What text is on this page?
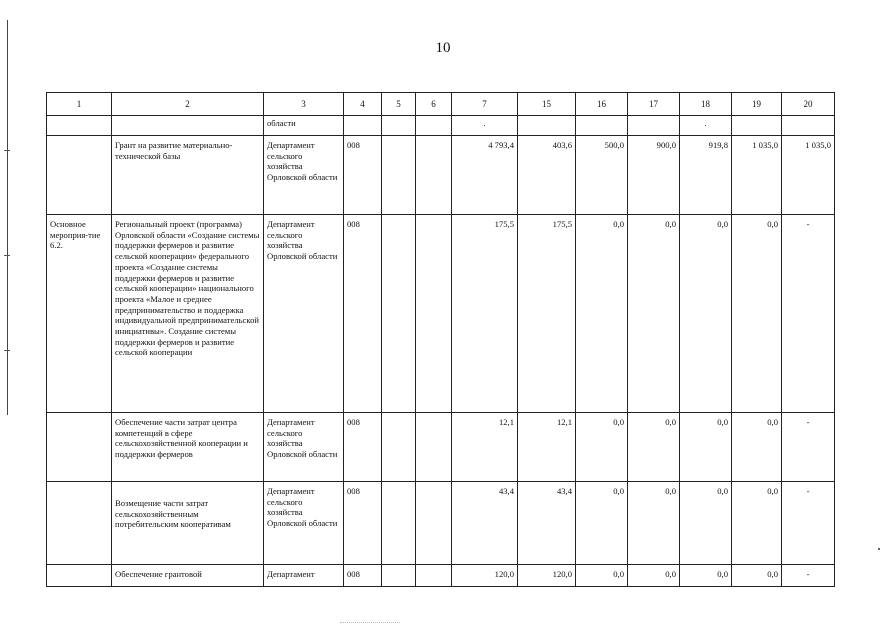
10
1	2	3	4	5	6	7	15	16	17	18	19	20
		области				.				.		
	Грант на развитие материально-технической базы	Департамент сельского хозяйства Орловской области	008			4 793,4	403,6	500,0	900,0	919,8	1 035,0	1 035,0
Основное мероприя-тие 6.2.	Региональный проект (программа) Орловской области «Создание системы поддержки фермеров и развитие сельской кооперации» федерального проекта «Создание системы поддержки фермеров и развитие сельской кооперации» национального проекта «Малое и среднее предпринимательство и поддержка индивидуальной предпринимательской инициативы». Создание системы поддержки фермеров и развитие сельской кооперации	Департамент сельского хозяйства Орловской области	008			175,5	175,5	0,0	0,0	0,0	0,0	-
	Обеспечение части затрат центра компетенций в сфере сельскохозяйственной кооперации и поддержки фермеров	Департамент сельского хозяйства Орловской области	008			12,1	12,1	0,0	0,0	0,0	0,0	-
	Возмещение части затрат сельскохозяйственным потребительским кооперативам	Департамент сельского хозяйства Орловской области	008			43,4	43,4	0,0	0,0	0,0	0,0	-
	Обеспечение грантовой	Департамент	008			120,0	120,0	0,0	0,0	0,0	0,0	-
